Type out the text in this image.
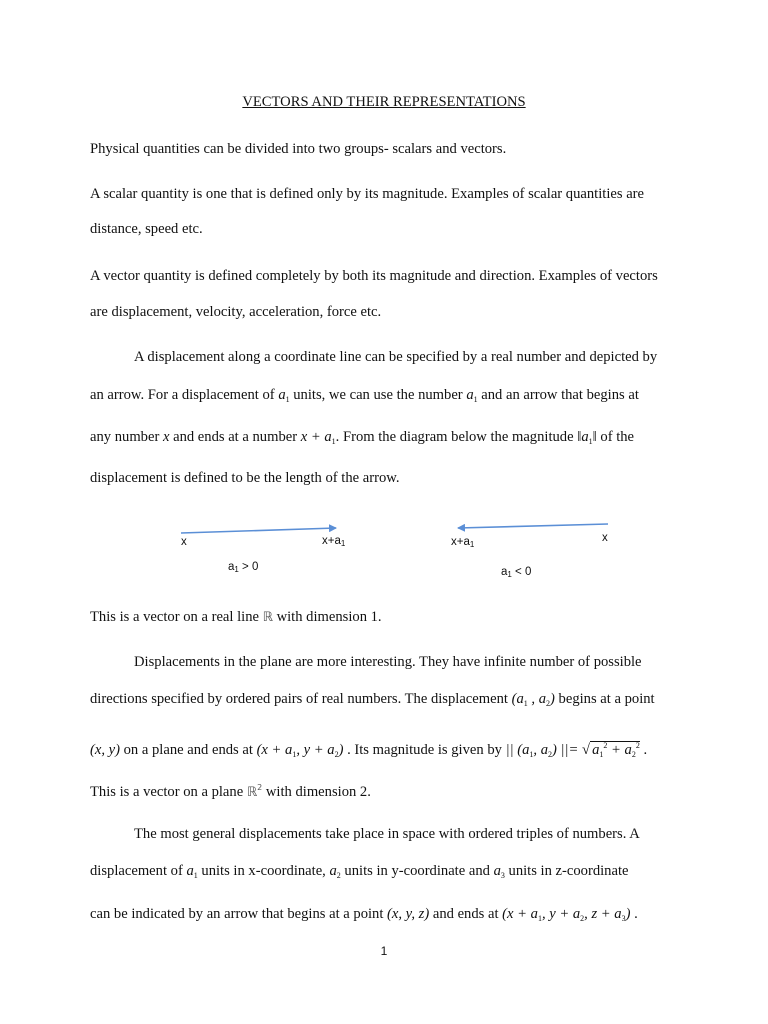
VECTORS AND THEIR REPRESENTATIONS
Physical quantities can be divided into two groups- scalars and vectors.
A scalar quantity is one that is defined only by its magnitude. Examples of scalar quantities are
distance, speed etc.
A vector quantity is defined completely by both its magnitude and direction. Examples of vectors
are displacement, velocity, acceleration, force etc.
A displacement along a coordinate line can be specified by a real number and depicted by
an arrow. For a displacement of $a_1$ units, we can use the number $a_1$ and an arrow that begins at
any number x and ends at a number $x + a_1$. From the diagram below the magnitude $‖a_1‖$ of the
displacement is defined to be the length of the arrow.
x	x+a1
a1 > 0
x+a1
x
a1 < 0
This is a vector on a real line ℝ with dimension 1.
Displacements in the plane are more interesting. They have infinite number of possible
directions specified by ordered pairs of real numbers. The displacement ($a_1$ , $a_2$) begins at a point
(x, y) on a plane and ends at ($x + a_1$, $y + a_2$) . Its magnitude is given by || ($a_1$, $a_2$) ||= √ $a_1^2 + a_2^2$ .
This is a vector on a plane ℝ$^2$ with dimension 2.
The most general displacements take place in space with ordered triples of numbers. A
displacement of $a_1$ units in x-coordinate, $a_2$ units in y-coordinate and $a_3$ units in z-coordinate
can be indicated by an arrow that begins at a point (x, y, z) and ends at ($x + a_1$, $y + a_2$, $z + a_3$) .
1
